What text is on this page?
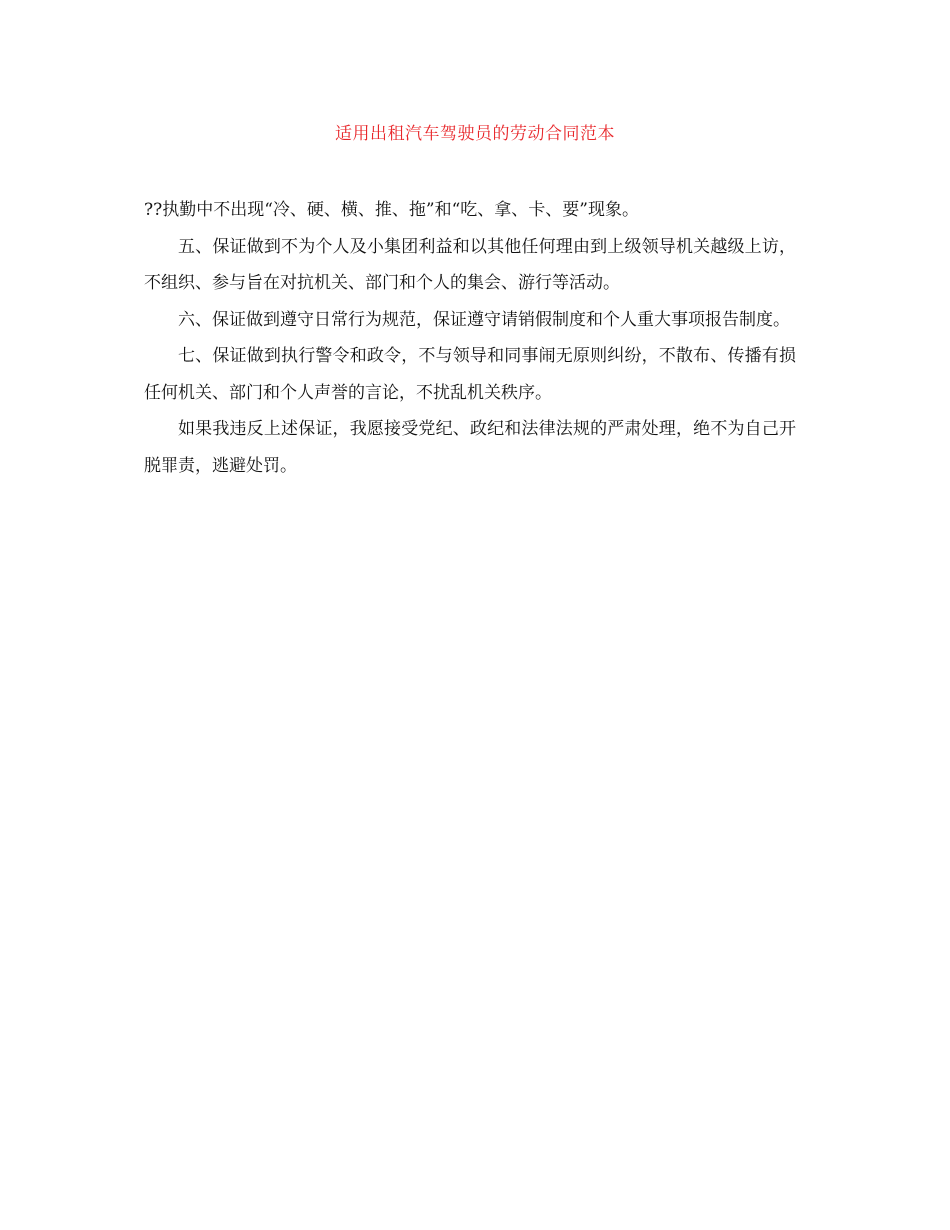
适用出租汽车驾驶员的劳动合同范本

??执勤中不出现“冷、硬、横、推、拖”和“吃、拿、卡、要”现象。

五、保证做到不为个人及小集团利益和以其他任何理由到上级领导机关越级上访，不组织、参与旨在对抗机关、部门和个人的集会、游行等活动。

六、保证做到遵守日常行为规范，保证遵守请销假制度和个人重大事项报告制度。

七、保证做到执行警令和政令，不与领导和同事闹无原则纠纷，不散布、传播有损任何机关、部门和个人声誉的言论，不扰乱机关秩序。

如果我违反上述保证，我愿接受党纪、政纪和法律法规的严肃处理，绝不为自己开脱罪责，逃避处罚。
